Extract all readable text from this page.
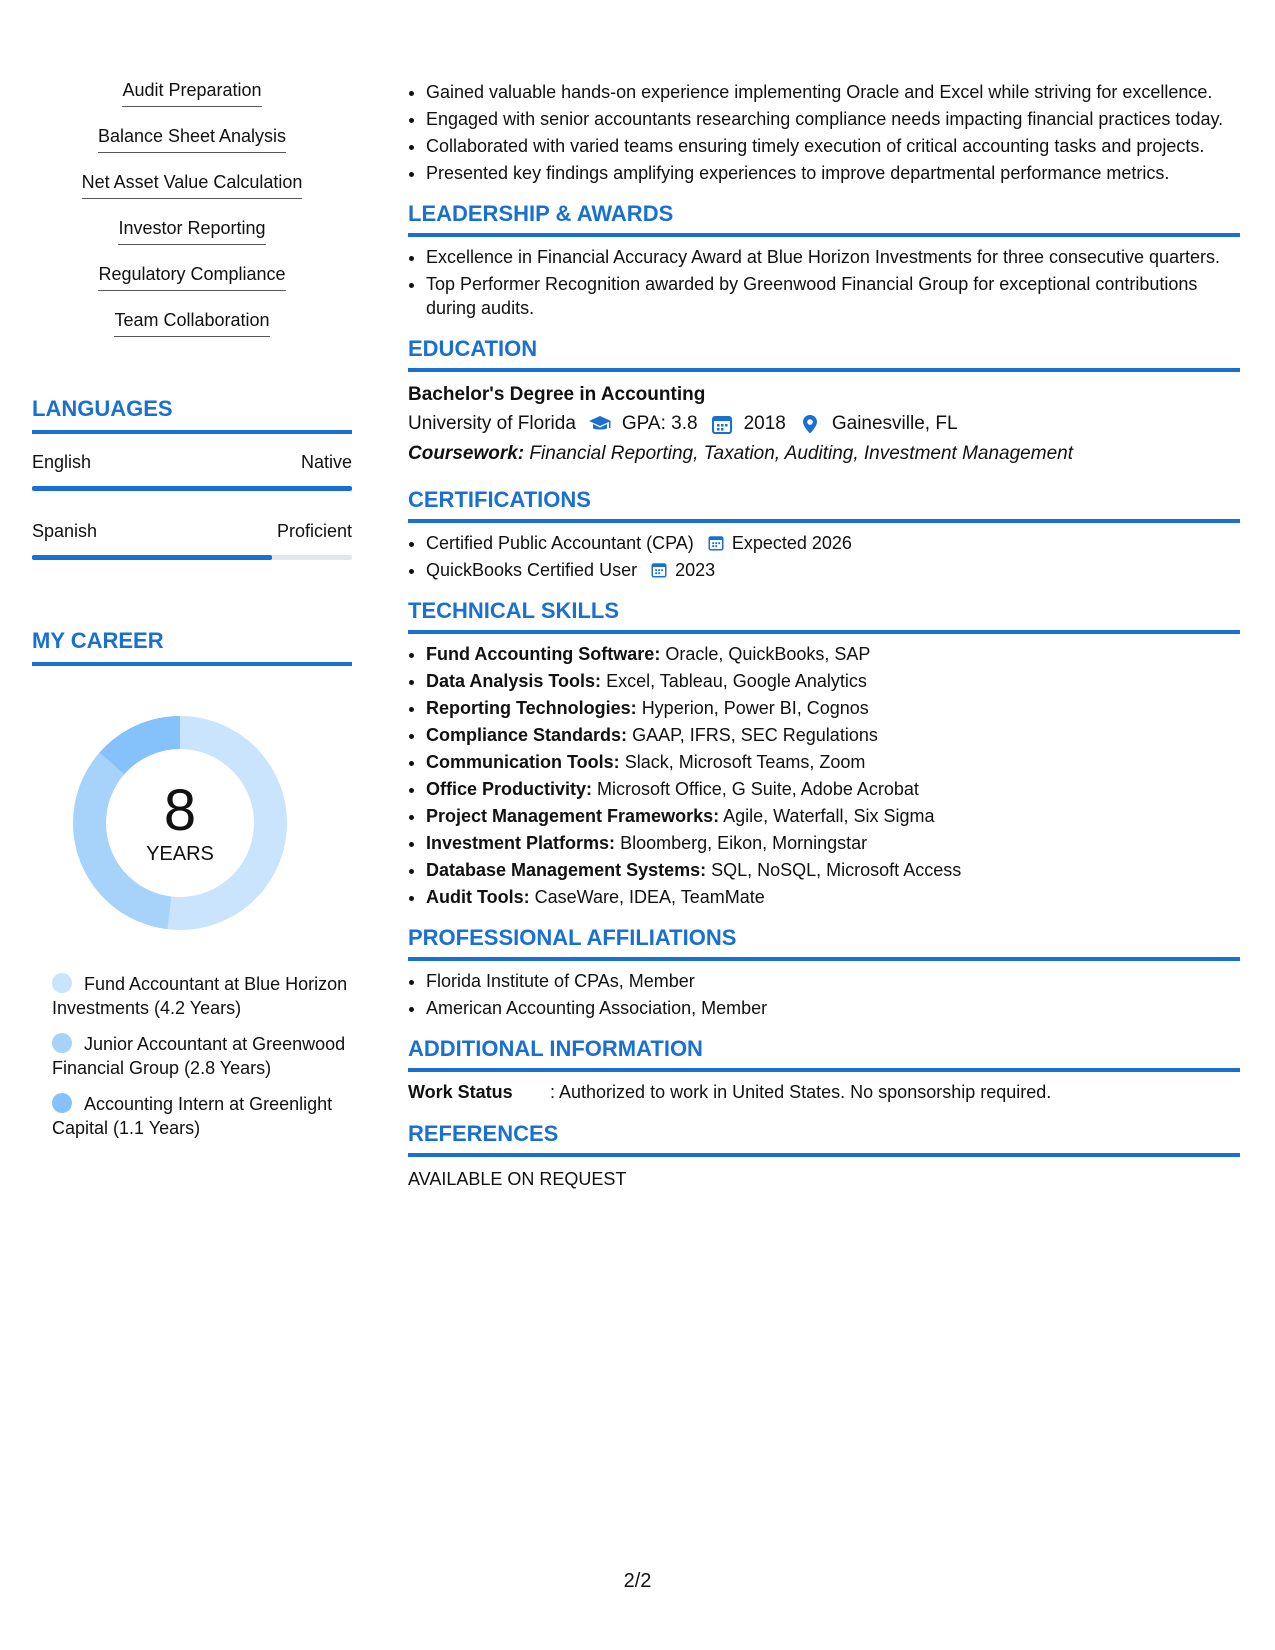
Audit Preparation
Balance Sheet Analysis
Net Asset Value Calculation
Investor Reporting
Regulatory Compliance
Team Collaboration
LANGUAGES
English	Native
Spanish	Proficient
MY CAREER
8
YEARS
Fund Accountant at Blue Horizon Investments (4.2 Years)
Junior Accountant at Greenwood Financial Group (2.8 Years)
Accounting Intern at Greenlight Capital (1.1 Years)
• Gained valuable hands-on experience implementing Oracle and Excel while striving for excellence.
• Engaged with senior accountants researching compliance needs impacting financial practices today.
• Collaborated with varied teams ensuring timely execution of critical accounting tasks and projects.
• Presented key findings amplifying experiences to improve departmental performance metrics.
LEADERSHIP & AWARDS
• Excellence in Financial Accuracy Award at Blue Horizon Investments for three consecutive quarters.
• Top Performer Recognition awarded by Greenwood Financial Group for exceptional contributions during audits.
EDUCATION
Bachelor's Degree in Accounting
University of Florida GPA: 3.8 2018 Gainesville, FL
Coursework: Financial Reporting, Taxation, Auditing, Investment Management
CERTIFICATIONS
• Certified Public Accountant (CPA) Expected 2026
• QuickBooks Certified User 2023
TECHNICAL SKILLS
• Fund Accounting Software: Oracle, QuickBooks, SAP
• Data Analysis Tools: Excel, Tableau, Google Analytics
• Reporting Technologies: Hyperion, Power BI, Cognos
• Compliance Standards: GAAP, IFRS, SEC Regulations
• Communication Tools: Slack, Microsoft Teams, Zoom
• Office Productivity: Microsoft Office, G Suite, Adobe Acrobat
• Project Management Frameworks: Agile, Waterfall, Six Sigma
• Investment Platforms: Bloomberg, Eikon, Morningstar
• Database Management Systems: SQL, NoSQL, Microsoft Access
• Audit Tools: CaseWare, IDEA, TeamMate
PROFESSIONAL AFFILIATIONS
• Florida Institute of CPAs, Member
• American Accounting Association, Member
ADDITIONAL INFORMATION
Work Status	: Authorized to work in United States. No sponsorship required.
REFERENCES
AVAILABLE ON REQUEST
2/2
